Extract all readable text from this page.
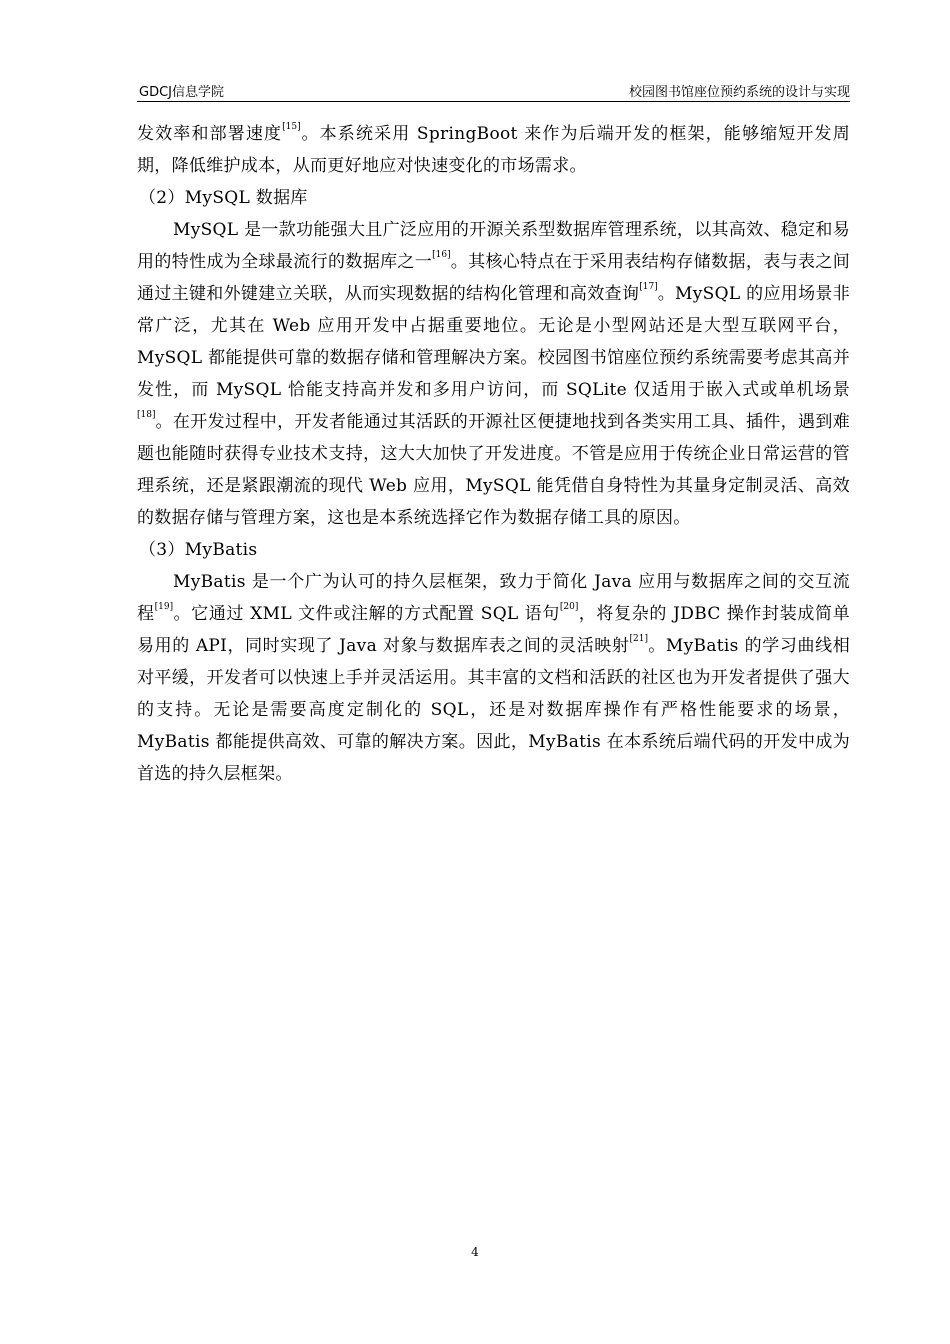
GDCJ信息学院	校园图书馆座位预约系统的设计与实现

发效率和部署速度[15]。本系统采用 SpringBoot 来作为后端开发的框架，能够缩短开发周期，降低维护成本，从而更好地应对快速变化的市场需求。

（2）MySQL 数据库

MySQL 是一款功能强大且广泛应用的开源关系型数据库管理系统，以其高效、稳定和易用的特性成为全球最流行的数据库之一[16]。其核心特点在于采用表结构存储数据，表与表之间通过主键和外键建立关联，从而实现数据的结构化管理和高效查询[17]。MySQL 的应用场景非常广泛，尤其在 Web 应用开发中占据重要地位。无论是小型网站还是大型互联网平台，MySQL 都能提供可靠的数据存储和管理解决方案。校园图书馆座位预约系统需要考虑其高并发性，而 MySQL 恰能支持高并发和多用户访问，而 SQLite 仅适用于嵌入式或单机场景[18]。在开发过程中，开发者能通过其活跃的开源社区便捷地找到各类实用工具、插件，遇到难题也能随时获得专业技术支持，这大大加快了开发进度。不管是应用于传统企业日常运营的管理系统，还是紧跟潮流的现代 Web 应用，MySQL 能凭借自身特性为其量身定制灵活、高效的数据存储与管理方案，这也是本系统选择它作为数据存储工具的原因。

（3）MyBatis

MyBatis 是一个广为认可的持久层框架，致力于简化 Java 应用与数据库之间的交互流程[19]。它通过 XML 文件或注解的方式配置 SQL 语句[20]，将复杂的 JDBC 操作封装成简单易用的 API，同时实现了 Java 对象与数据库表之间的灵活映射[21]。MyBatis 的学习曲线相对平缓，开发者可以快速上手并灵活运用。其丰富的文档和活跃的社区也为开发者提供了强大的支持。无论是需要高度定制化的 SQL，还是对数据库操作有严格性能要求的场景，MyBatis 都能提供高效、可靠的解决方案。因此，MyBatis 在本系统后端代码的开发中成为首选的持久层框架。

4
